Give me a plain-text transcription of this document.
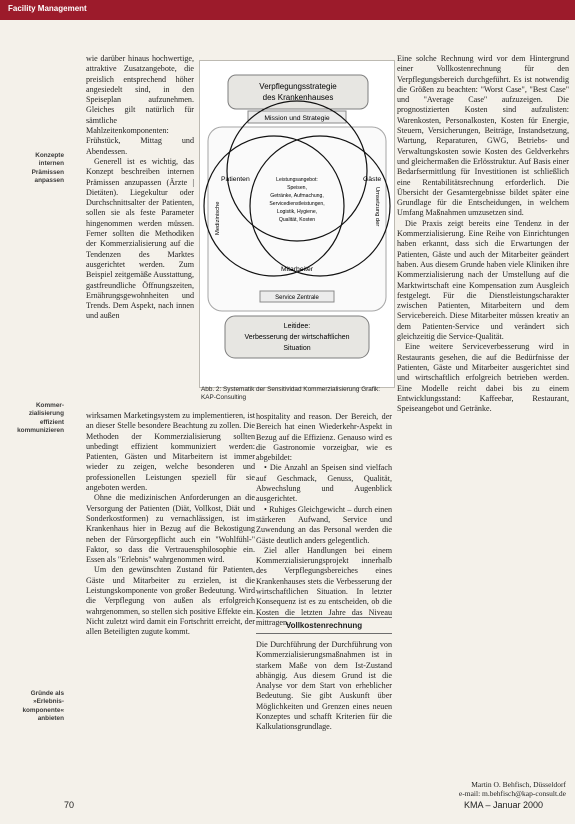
Facility Management
Konzepte
internen
Prämissen
anpassen
Kommer-
zialisierung
effizient
kommunizieren
Gründe als
»Erlebnis-
komponente«
anbieten

wie darüber hinaus hochwertige, attraktive Zusatzangebote, die preislich entsprechend höher angesiedelt sind, in den Speiseplan aufzunehmen. Gleiches gilt natürlich für sämtliche Mahlzeitenkomponenten: Frühstück, Mittag und Abendessen.

Generell ist es wichtig, das Konzept beschreiben internen Prämissen anzupassen (Ärzte | Dietäten). Liegekultur oder Durchschnittsalter der Patienten, sollen sie als feste Parameter hingenommen werden müssen. Ferner sollten die Methodiken der Kommerzialisierung auf die Tendenzen des Marktes ausgerichtet werden. Zum Beispiel zeitgemäße Ausstattung, gastfreundliche Öffnungszeiten, Ernährungsgewohnheiten und Trends. Dem Aspekt, nach innen und außen

Verpflegungsstrategie
des Krankenhauses
Mission und Strategie
Patienten	Gäste
Mitarbeiter
Medizinische	Umsetzung der
Leistungsangebot:
Speisen,
Getränke, Aufmachung,
Servicedienstleistungen,
Logistik, Hygiene,
Qualität, Kosten
Service Zentrale
Leitidee:
Verbesserung der wirtschaftlichen
Situation
Abb. 2: Systematik der Sensitividad Kommerzialisierung Grafik: KAP-Consulting

wirksamen Marketingsystem zu implementieren, ist an dieser Stelle besondere Beachtung zu zollen. Die Methoden der Kommerzialisierung sollten unbedingt effizient kommuniziert werden: Patienten, Gästen und Mitarbeitern ist immer wieder zu zeigen, welche besonderen und professionellen Leistungen speziell für sie angeboten werden.

Ohne die medizinischen Anforderungen an die Versorgung der Patienten (Diät, Vollkost, Diät und Sonderkostformen) zu vernachlässigen, ist im Krankenhaus hier in Bezug auf die Bekostigung neben der Fürsorgepflicht auch ein "Wohlfühl-" Faktor, so dass die Vertrauensphilosophie ein. Essen als "Erlebnis" wahrgenommen wird.

Um den gewünschten Zustand für Patienten, Gäste und Mitarbeiter zu erzielen, ist die Leistungskomponente von großer Bedeutung. Wird die Verpflegung von außen als erfolgreich wahrgenommen, so stellen sich positive Effekte ein. Nicht zuletzt wird damit ein Fortschritt erreicht, der allen Beteiligten zugute kommt.

hospitality and reason. Der Bereich, der Bereich hat einen Wiederkehr-Aspekt in Bezug auf die Effizienz. Genauso wird es die Gastronomie vorzeigbar, wie es abgebildet:

• Die Anzahl an Speisen sind vielfach auf Geschmack, Genuss, Qualität, Abwechslung und Augenblick ausgerichtet.

• Ruhiges Gleichgewicht – durch einen stärkeren Aufwand, Service und Zuwendung an das Personal werden die Gäste deutlich anders gelegentlich.

Ziel aller Handlungen bei einem Kommerzialisierungsprojekt innerhalb des Verpflegungsbereiches eines Krankenhauses stets die Verbesserung der wirtschaftlichen Situation. In letzter Konsequenz ist es zu entscheiden, ob die Kosten die letzten Jahre das Niveau mittragen.

Vollkostenrechnung

Die Durchführung der Durchführung von Kommerzialisierungsmaßnahmen ist in starkem Maße von dem Ist-Zustand abhängig. Aus diesem Grund ist die Analyse vor dem Start von erheblicher Bedeutung. Sie gibt Auskunft über Möglichkeiten und Grenzen eines neuen Konzeptes und schafft Kriterien für die Kalkulationsgrundlage.

Eine solche Rechnung wird vor dem Hintergrund einer Vollkostenrechnung für den Verpflegungsbereich durchgeführt. Es ist notwendig die Größen zu beachten: "Worst Case", "Best Case" und "Average Case" aufzuzeigen. Die prognostizierten Kosten sind aufzulisten: Warenkosten, Personalkosten, Kosten für Energie, Steuern, Versicherungen, Beiträge, Instandsetzung, Wartung, Reparaturen, GWG, Betriebs- und Verwaltungskosten sowie Kosten des Geldverkehrs und gleichermaßen die Erlösstruktur. Auf Basis einer Bedarfsermittlung für Investitionen ist schließlich eine Rentabilitätsrechnung erforderlich. Die Übersicht der Gesamtergebnisse bildet später eine Grundlage für die Entscheidungen, in welchem Umfang Maßnahmen umzusetzen sind.

Die Praxis zeigt bereits eine Tendenz in der Kommerzialisierung. Eine Reihe von Einrichtungen haben erkannt, dass sich die Erwartungen der Patienten, Gäste und auch der Mitarbeiter geändert haben. Aus diesem Grunde haben viele Kliniken ihre Kommerzialisierung nach der Umstellung auf die Marktwirtschaft eine Kompensation zum Ausgleich festgelegt. Für die Dienstleistungscharakter zwischen Patienten, Mitarbeitern und dem Servicebereich. Diese Mitarbeiter müssen kreativ an dem Patienten-Service und verändert sich gleichzeitig die Service-Qualität.

Eine weitere Serviceverbesserung wird in Restaurants gesehen, die auf die Bedürfnisse der Patienten, Gäste und Mitarbeiter ausgerichtet sind und wirtschaftlich erfolgreich betrieben werden. Eine Modelle reicht dabei bis zu einem Entwicklungsstand: Kaffeebar, Restaurant, Speiseangebot und Getränke.

Martin O. Behfisch, Düsseldorf
e-mail: m.behfisch@kap-consult.de
70	KMA – Januar 2000
